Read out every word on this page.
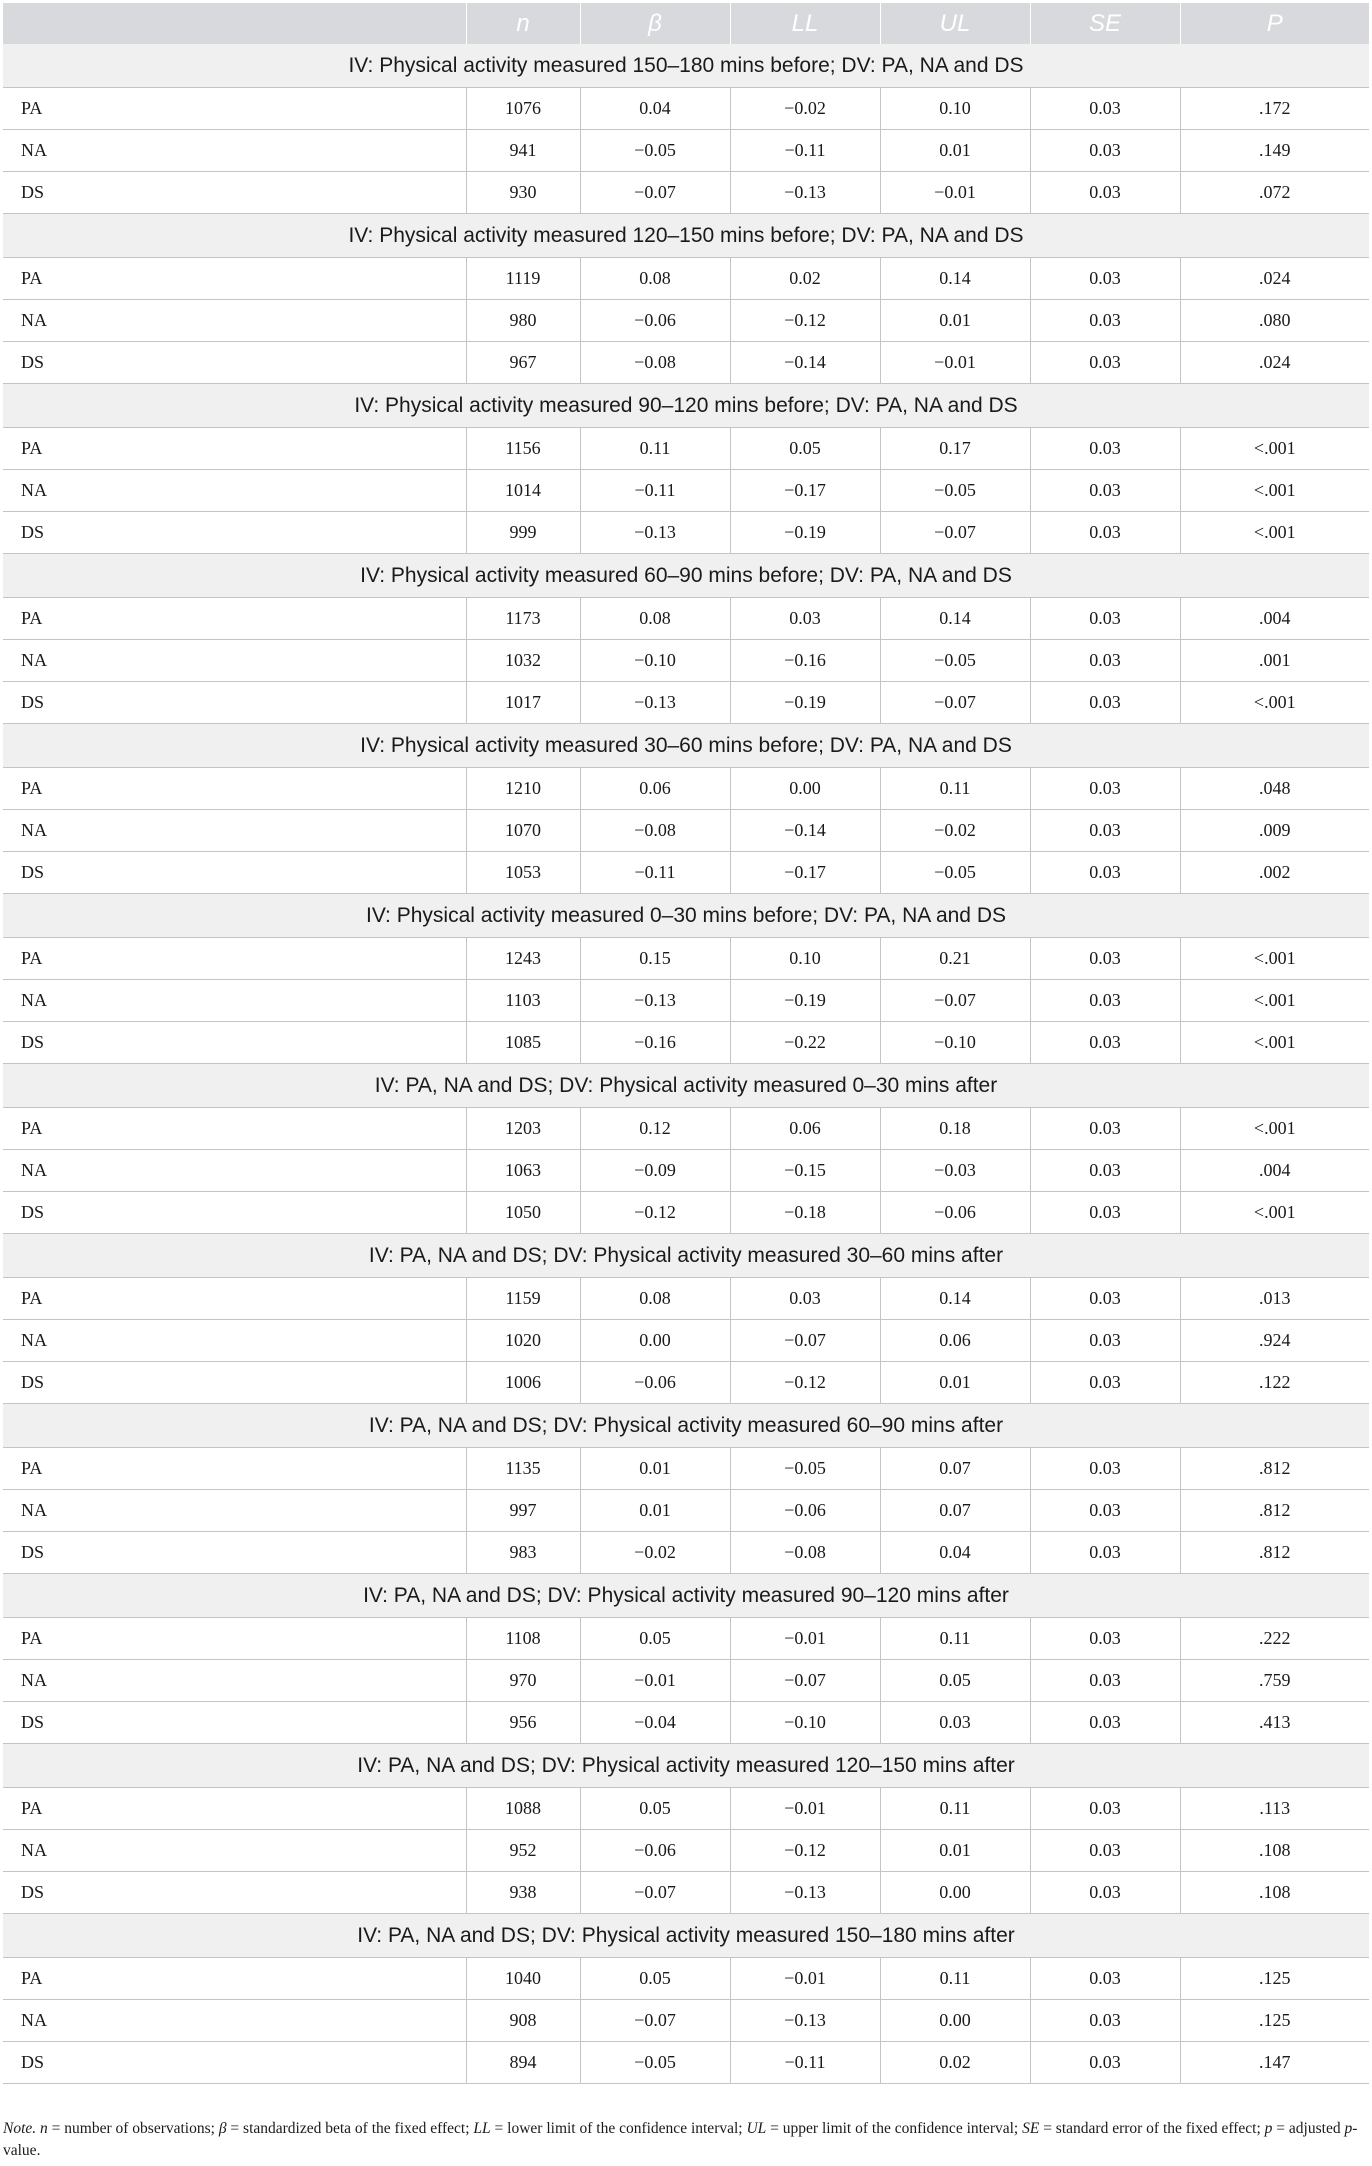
	n	β	LL	UL	SE	P
IV: Physical activity measured 150–180 mins before; DV: PA, NA and DS						
PA	1076	0.04	−0.02	0.10	0.03	.172
NA	941	−0.05	−0.11	0.01	0.03	.149
DS	930	−0.07	−0.13	−0.01	0.03	.072
IV: Physical activity measured 120–150 mins before; DV: PA, NA and DS						
PA	1119	0.08	0.02	0.14	0.03	.024
NA	980	−0.06	−0.12	0.01	0.03	.080
DS	967	−0.08	−0.14	−0.01	0.03	.024
IV: Physical activity measured 90–120 mins before; DV: PA, NA and DS						
PA	1156	0.11	0.05	0.17	0.03	<.001
NA	1014	−0.11	−0.17	−0.05	0.03	<.001
DS	999	−0.13	−0.19	−0.07	0.03	<.001
IV: Physical activity measured 60–90 mins before; DV: PA, NA and DS						
PA	1173	0.08	0.03	0.14	0.03	.004
NA	1032	−0.10	−0.16	−0.05	0.03	.001
DS	1017	−0.13	−0.19	−0.07	0.03	<.001
IV: Physical activity measured 30–60 mins before; DV: PA, NA and DS						
PA	1210	0.06	0.00	0.11	0.03	.048
NA	1070	−0.08	−0.14	−0.02	0.03	.009
DS	1053	−0.11	−0.17	−0.05	0.03	.002
IV: Physical activity measured 0–30 mins before; DV: PA, NA and DS						
PA	1243	0.15	0.10	0.21	0.03	<.001
NA	1103	−0.13	−0.19	−0.07	0.03	<.001
DS	1085	−0.16	−0.22	−0.10	0.03	<.001
IV: PA, NA and DS; DV: Physical activity measured 0–30 mins after						
PA	1203	0.12	0.06	0.18	0.03	<.001
NA	1063	−0.09	−0.15	−0.03	0.03	.004
DS	1050	−0.12	−0.18	−0.06	0.03	<.001
IV: PA, NA and DS; DV: Physical activity measured 30–60 mins after						
PA	1159	0.08	0.03	0.14	0.03	.013
NA	1020	0.00	−0.07	0.06	0.03	.924
DS	1006	−0.06	−0.12	0.01	0.03	.122
IV: PA, NA and DS; DV: Physical activity measured 60–90 mins after						
PA	1135	0.01	−0.05	0.07	0.03	.812
NA	997	0.01	−0.06	0.07	0.03	.812
DS	983	−0.02	−0.08	0.04	0.03	.812
IV: PA, NA and DS; DV: Physical activity measured 90–120 mins after						
PA	1108	0.05	−0.01	0.11	0.03	.222
NA	970	−0.01	−0.07	0.05	0.03	.759
DS	956	−0.04	−0.10	0.03	0.03	.413
IV: PA, NA and DS; DV: Physical activity measured 120–150 mins after						
PA	1088	0.05	−0.01	0.11	0.03	.113
NA	952	−0.06	−0.12	0.01	0.03	.108
DS	938	−0.07	−0.13	0.00	0.03	.108
IV: PA, NA and DS; DV: Physical activity measured 150–180 mins after						
PA	1040	0.05	−0.01	0.11	0.03	.125
NA	908	−0.07	−0.13	0.00	0.03	.125
DS	894	−0.05	−0.11	0.02	0.03	.147
Note. n = number of observations; β = standardized beta of the fixed effect; LL = lower limit of the confidence interval; UL = upper limit of the confidence interval; SE = standard error of the fixed effect; p = adjusted p-value.
